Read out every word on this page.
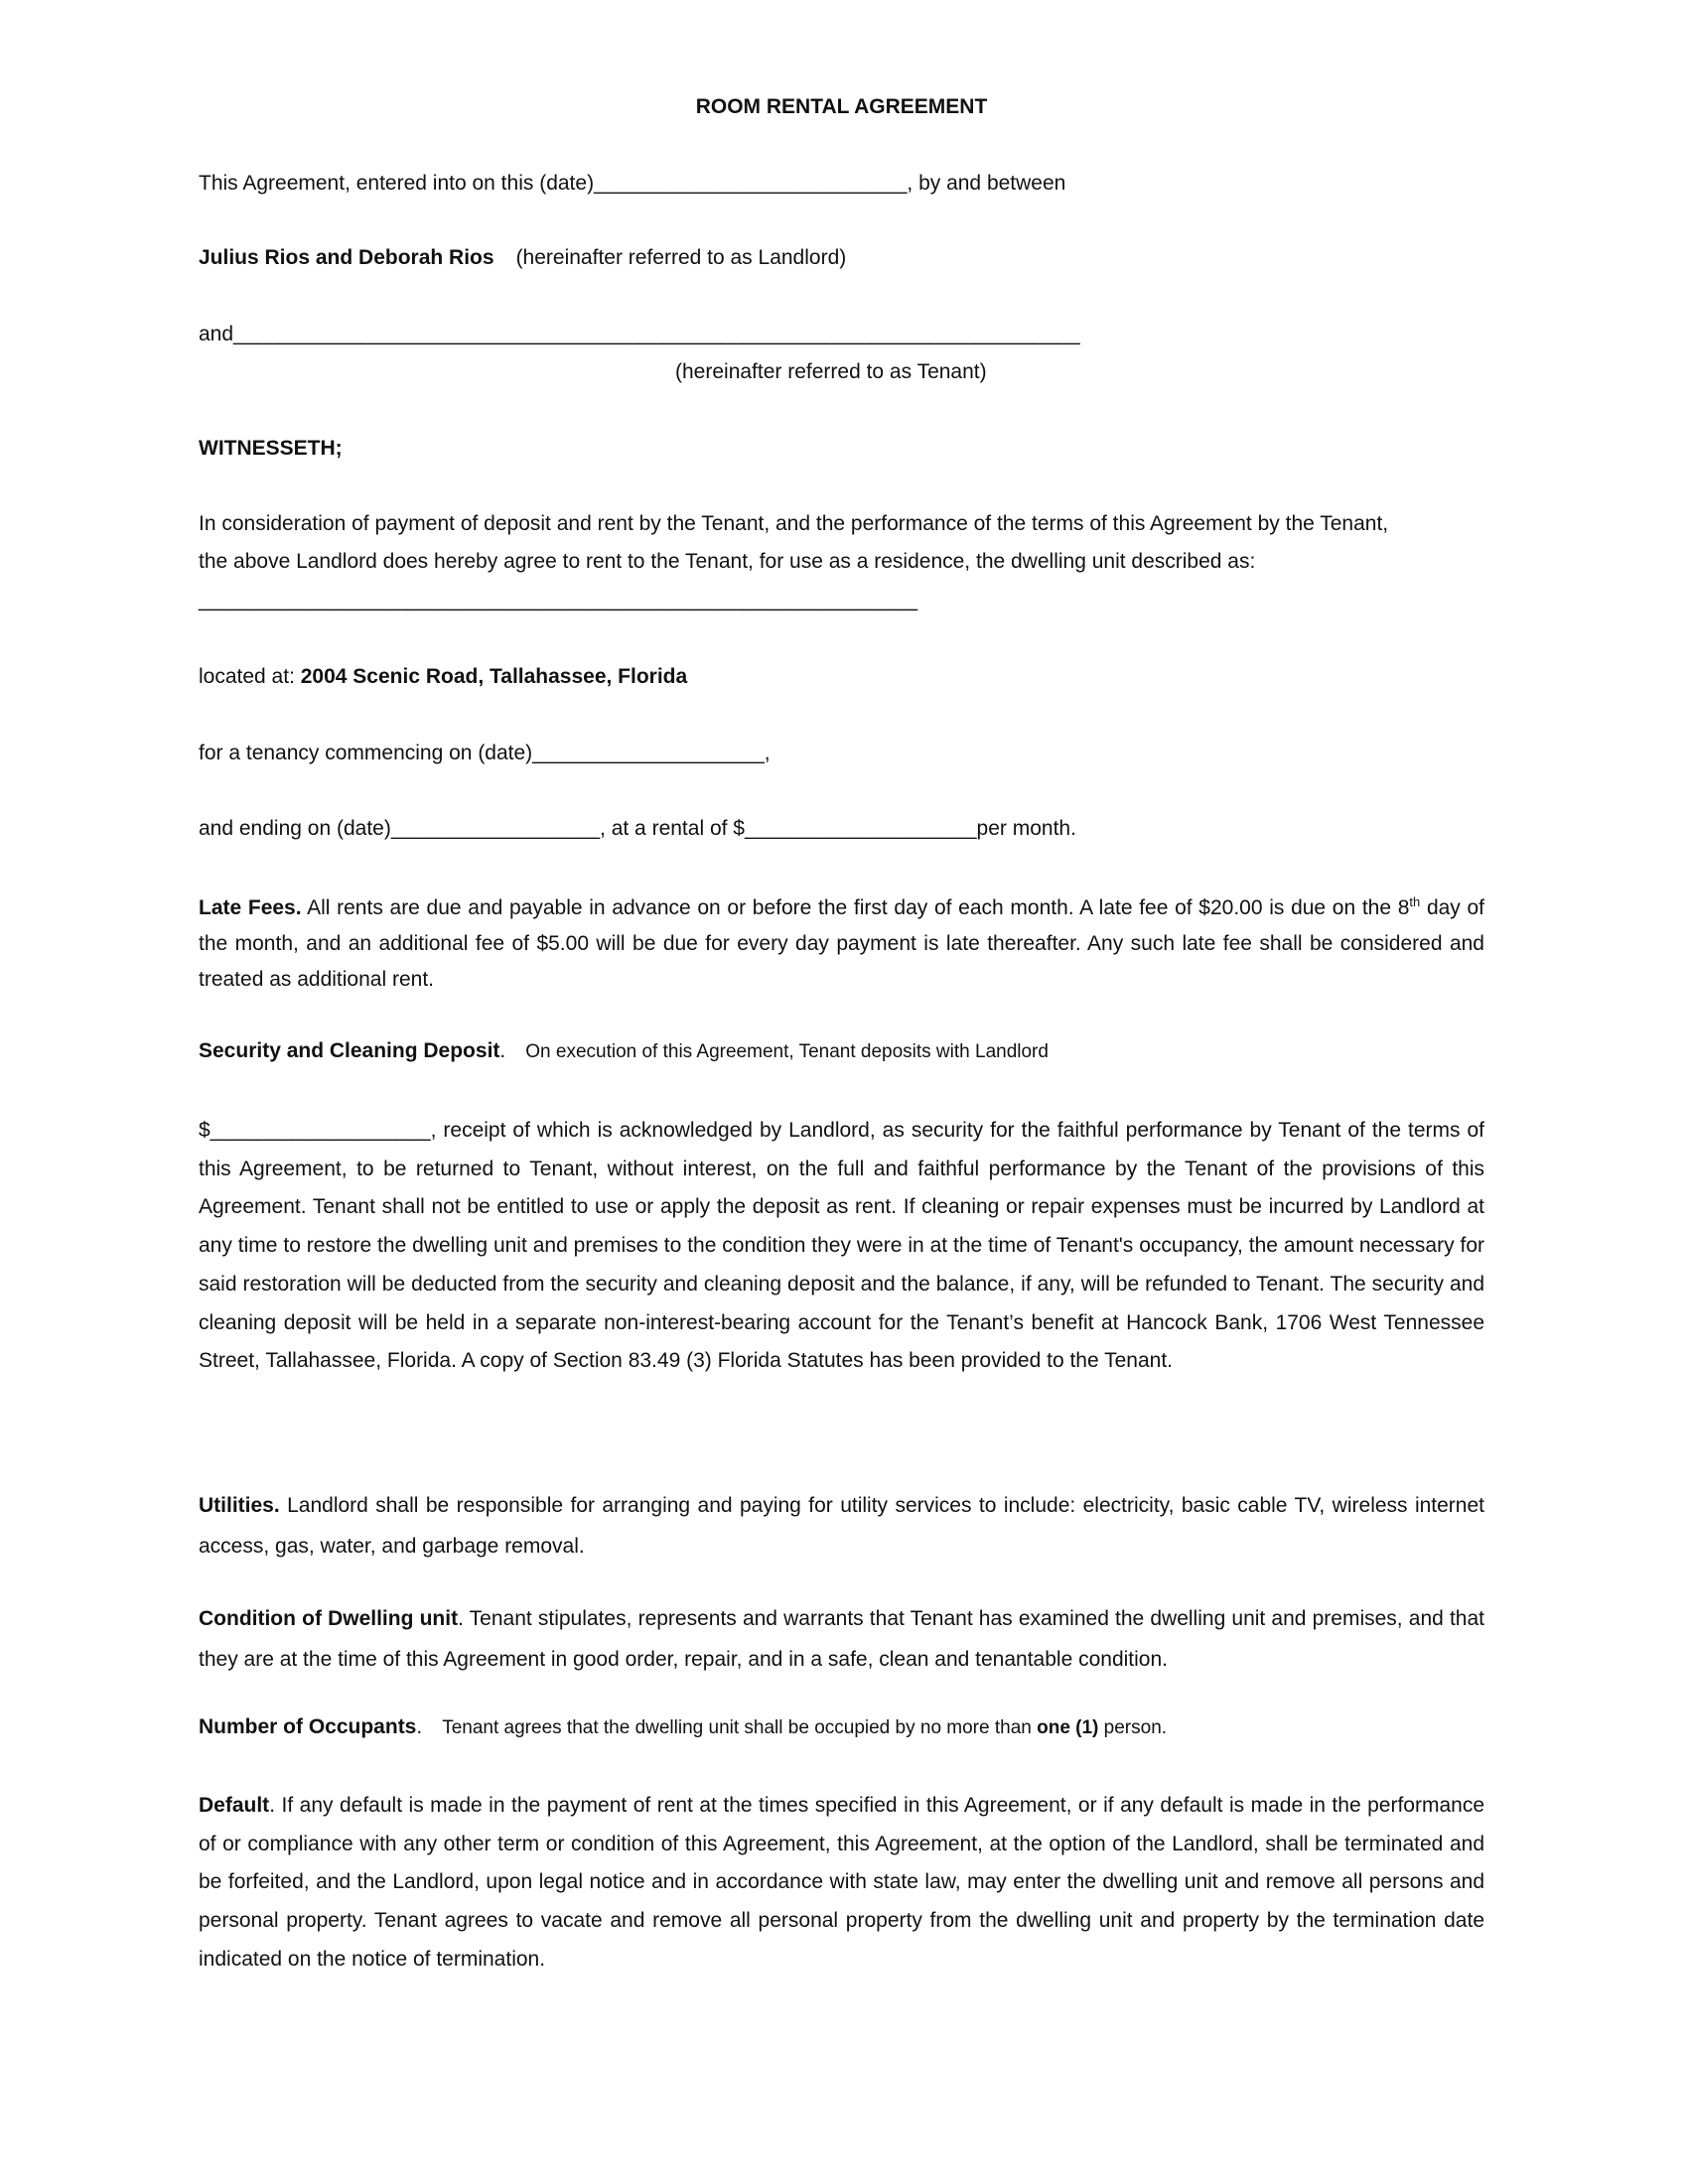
ROOM RENTAL AGREEMENT
This Agreement, entered into on this (date)___________________________, by and between
Julius Rios and Deborah Rios (hereinafter referred to as Landlord)
and_________________________________________________________________________
(hereinafter referred to as Tenant)
WITNESSETH;
In consideration of payment of deposit and rent by the Tenant, and the performance of the terms of this Agreement by the Tenant,
the above Landlord does hereby agree to rent to the Tenant, for use as a residence, the dwelling unit described as:
______________________________________________________________
located at: 2004 Scenic Road, Tallahassee, Florida
for a tenancy commencing on (date)____________________,
and ending on (date)__________________, at a rental of $____________________per month.
Late Fees. All rents are due and payable in advance on or before the first day of each month. A late fee of $20.00 is due on the 8th day of the month, and an additional fee of $5.00 will be due for every day payment is late thereafter. Any such late fee shall be considered and treated as additional rent.
Security and Cleaning Deposit. On execution of this Agreement, Tenant deposits with Landlord
$___________________, receipt of which is acknowledged by Landlord, as security for the faithful performance by Tenant of the terms of this Agreement, to be returned to Tenant, without interest, on the full and faithful performance by the Tenant of the provisions of this Agreement. Tenant shall not be entitled to use or apply the deposit as rent. If cleaning or repair expenses must be incurred by Landlord at any time to restore the dwelling unit and premises to the condition they were in at the time of Tenant's occupancy, the amount necessary for said restoration will be deducted from the security and cleaning deposit and the balance, if any, will be refunded to Tenant. The security and cleaning deposit will be held in a separate non-interest-bearing account for the Tenant’s benefit at Hancock Bank, 1706 West Tennessee Street, Tallahassee, Florida. A copy of Section 83.49 (3) Florida Statutes has been provided to the Tenant.
Utilities. Landlord shall be responsible for arranging and paying for utility services to include: electricity, basic cable TV, wireless internet access, gas, water, and garbage removal.
Condition of Dwelling unit. Tenant stipulates, represents and warrants that Tenant has examined the dwelling unit and premises, and that they are at the time of this Agreement in good order, repair, and in a safe, clean and tenantable condition.
Number of Occupants. Tenant agrees that the dwelling unit shall be occupied by no more than one (1) person.
Default. If any default is made in the payment of rent at the times specified in this Agreement, or if any default is made in the performance of or compliance with any other term or condition of this Agreement, this Agreement, at the option of the Landlord, shall be terminated and be forfeited, and the Landlord, upon legal notice and in accordance with state law, may enter the dwelling unit and remove all persons and personal property. Tenant agrees to vacate and remove all personal property from the dwelling unit and property by the termination date indicated on the notice of termination.
